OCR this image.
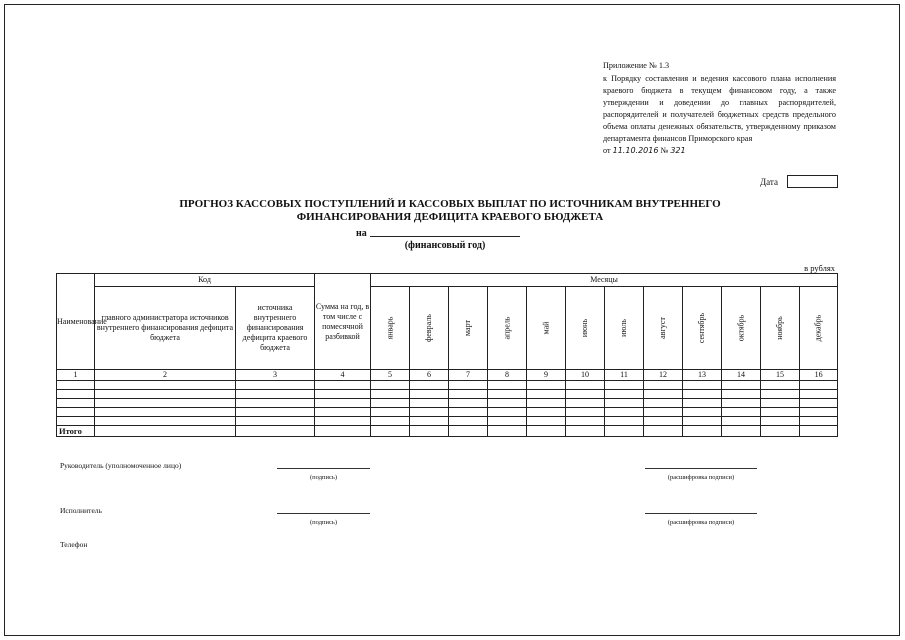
Приложение № 1.3
к Порядку составления и ведения кассового плана исполнения краевого бюджета в текущем финансовом году, а также утверждении и доведении до главных распорядителей, распорядителей и получателей бюджетных средств предельного объема оплаты денежных обязательств, утвержденному приказом департамента финансов Приморского края
от 11.10.2016 № 321
Дата
ПРОГНОЗ КАССОВЫХ ПОСТУПЛЕНИЙ И КАССОВЫХ ВЫПЛАТ ПО ИСТОЧНИКАМ ВНУТРЕННЕГО
ФИНАНСИРОВАНИЯ ДЕФИЦИТА КРАЕВОГО БЮДЖЕТА
на
(финансовый год)
в рублях
Наименование	Код		Сумма на год, в том числе с помесячной разбивкой	Месяцы											
	главного администратора источников внутреннего финансирования дефицита бюджета	источника внутреннего финансирования дефицита краевого бюджета		январь	февраль	март	апрель	май	июнь	июль	август	сентябрь	октябрь	ноябрь	декабрь
1	2	3	4	5	6	7	8	9	10	11	12	13	14	15	16

Итого															
Руководитель (уполномоченное лицо)
(подпись)	(расшифровка подписи)
Исполнитель
(подпись)	(расшифровка подписи)
Телефон
